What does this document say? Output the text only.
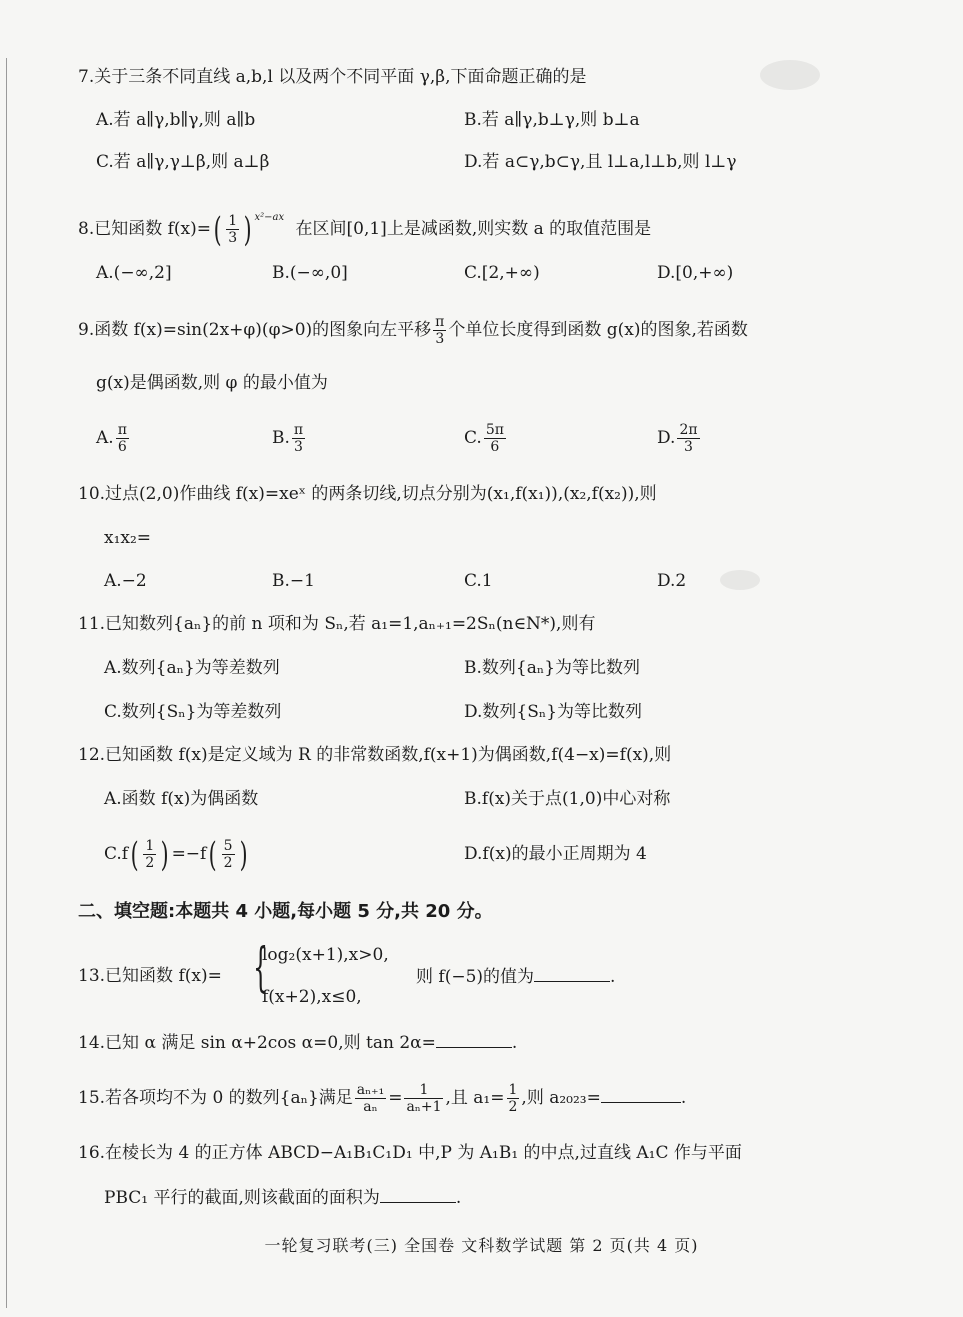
7.关于三条不同直线 a,b,l 以及两个不同平面 γ,β,下面命题正确的是
A.若 a∥γ,b∥γ,则 a∥b	B.若 a∥γ,b⊥γ,则 b⊥a
C.若 a∥γ,γ⊥β,则 a⊥β	D.若 a⊂γ,b⊂γ,且 l⊥a,l⊥b,则 l⊥γ
8.已知函数 $f(x)=( \frac{1}{3}$ ) $^{x^2-ax}$ 在区间[0,1]上是减函数,则实数 a 的取值范围是
A.(−∞,2]	B.(−∞,0]	C.[2,+∞)	D.[0,+∞)
9.函数 f(x)=sin(2x+φ)(φ>0)的图象向左平移 $\frac{\pi}{3}$ 个单位长度得到函数 g(x)的图象,若函数
g(x)是偶函数,则 φ 的最小值为
A. $\frac{\pi}{6}$	B. $\frac{\pi}{3}$	C. $\frac{5\pi}{6}$	D. $\frac{2\pi}{3}$
10.过点(2,0)作曲线 f(x)=xeˣ 的两条切线,切点分别为(x₁,f(x₁)),(x₂,f(x₂)),则
x₁x₂=
A.−2	B.−1	C.1	D.2
11.已知数列{aₙ}的前 n 项和为 Sₙ,若 a₁=1,aₙ₊₁=2Sₙ(n∈N*),则有
A.数列{aₙ}为等差数列	B.数列{aₙ}为等比数列
C.数列{Sₙ}为等差数列	D.数列{Sₙ}为等比数列
12.已知函数 f(x)是定义域为 R 的非常数函数,f(x+1)为偶函数,f(4−x)=f(x),则
A.函数 f(x)为偶函数	B.f(x)关于点(1,0)中心对称
$C.f( \frac{1}{2}$ ) $=-f( \frac{5}{2}$ )	D.f(x)的最小正周期为 4
二、填空题:本题共 4 小题,每小题 5 分,共 20 分。
13.已知函数 f(x)= {
log₂(x+1),x>0,
f(x+2),x≤0,
则 f(−5)的值为	.
14.已知 α 满足 sin α+2cos α=0,则 tan 2α=	.
15.若各项均不为 0 的数列{aₙ}满足 $\frac{\text{aₙ₊₁}}{\text{aₙ}} = \frac{1}{\text{aₙ+1}}$ ,且 $a_1= \frac{1}{2}$ ,则 a₂₀₂₃=	.
16.在棱长为 4 的正方体 ABCD−A₁B₁C₁D₁ 中,P 为 A₁B₁ 的中点,过直线 A₁C 作与平面
PBC₁ 平行的截面,则该截面的面积为	.
一轮复习联考(三) 全国卷 文科数学试题 第 2 页(共 4 页)
